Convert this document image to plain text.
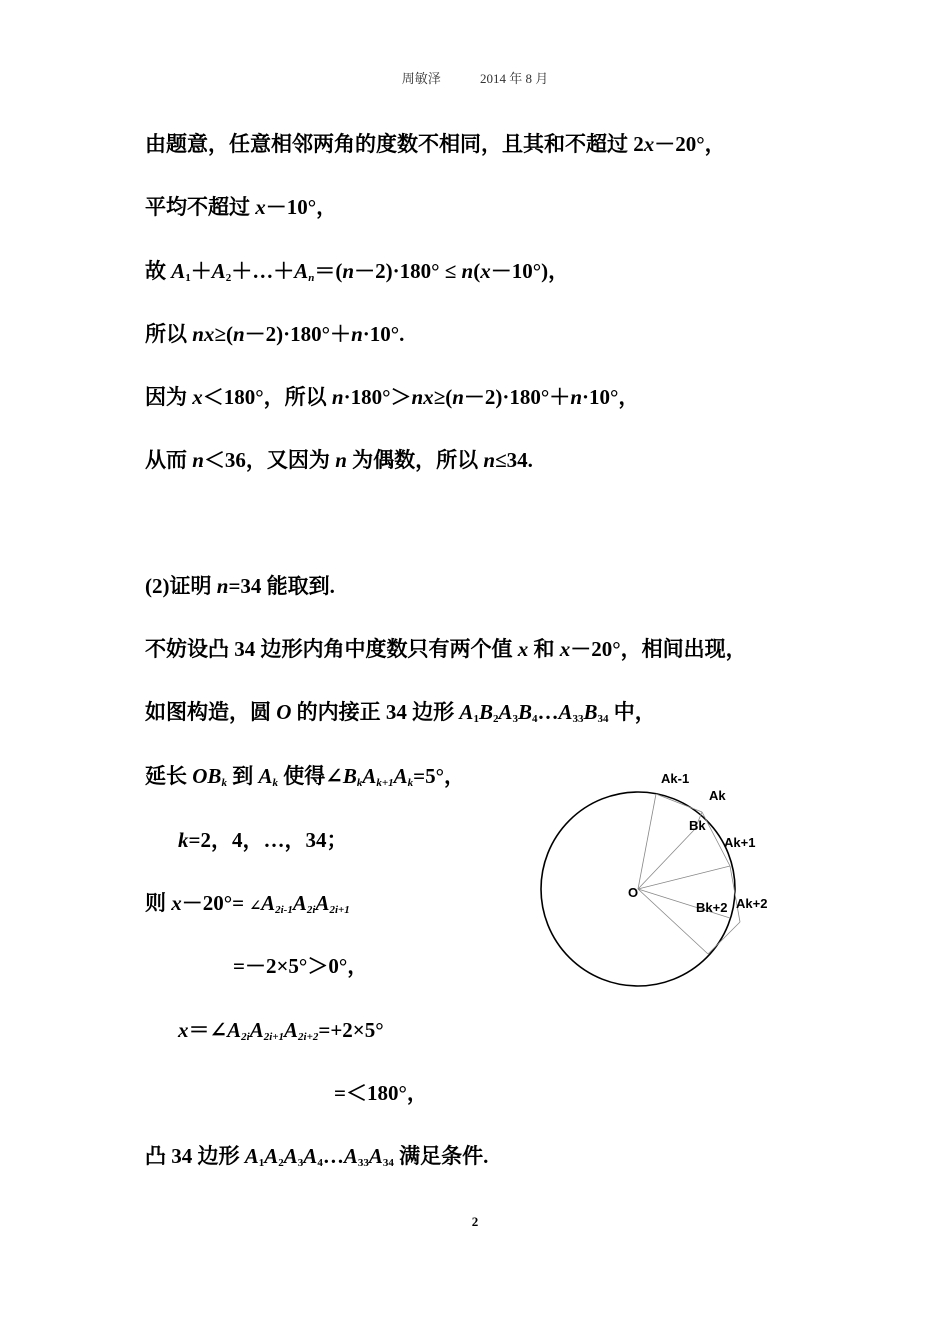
周敏泽	2014 年 8 月
由题意，任意相邻两角的度数不相同，且其和不超过 2x－20°，
平均不超过 x－10°，
故 $A_1+A_2+\dots+A_n=(n-2)\cdot 180^\circ \le n(x-10^\circ)$，
所以 nx≥(n－2)·180°＋n·10°.
因为 x＜180°，所以 n·180°＞nx≥(n－2)·180°＋n·10°，
从而 n＜36，又因为 n 为偶数，所以 n≤34.
(2)证明 n=34 能取到.
不妨设凸 34 边形内角中度数只有两个值 x 和 x－20°，相间出现，
如图构造，圆 O 的内接正 34 边形 $A_1B_2A_3B_4\dots A_{33}B_{34}$ 中，
延长 $OB_k$ 到 $A_k$ 使得$\angle B_kA_{k+1}A_k=5^\circ$，
k=2，4，…，34；
则 $x-20^\circ= \angle A_{2i-1}A_{2i}A_{2i+1}$
=－2×5°＞0°，
$x=\angle A_{2i}A_{2i+1}A_{2i+2}=+2\times 5^\circ$
=＜180°，
凸 34 边形 $A_1A_2A_3A_4\dots A_{33}A_{34}$ 满足条件.
Ak-1
Ak
Bk
Ak+1
O
Bk+2 Ak+2
2
